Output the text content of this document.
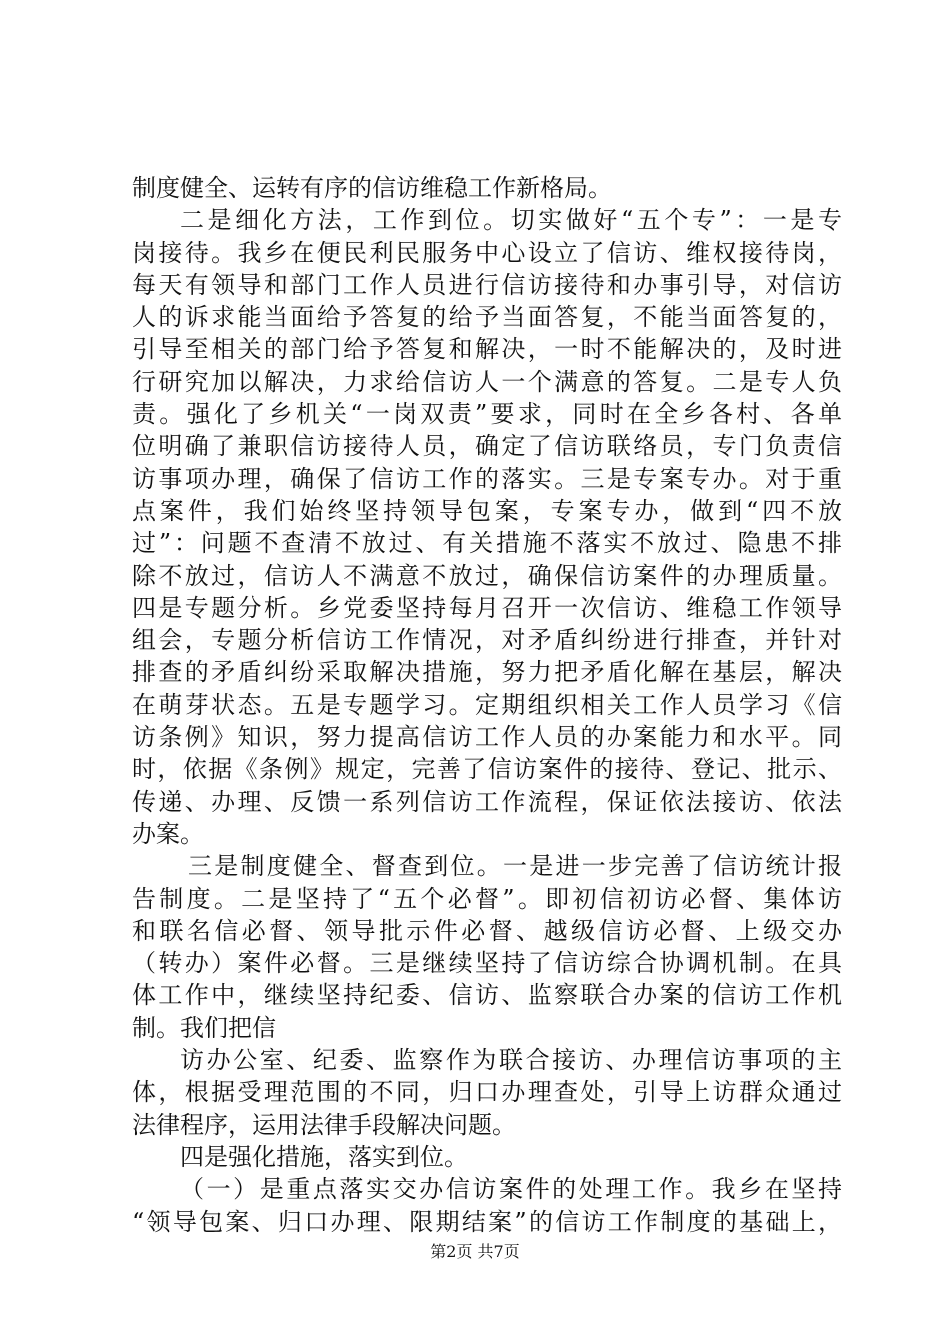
制度健全、运转有序的信访维稳工作新格局。
二是细化方法，工作到位。切实做好“五个专”：一是专
岗接待。我乡在便民利民服务中心设立了信访、维权接待岗，
每天有领导和部门工作人员进行信访接待和办事引导，对信访
人的诉求能当面给予答复的给予当面答复，不能当面答复的，
引导至相关的部门给予答复和解决，一时不能解决的，及时进
行研究加以解决，力求给信访人一个满意的答复。二是专人负
责。强化了乡机关“一岗双责”要求，同时在全乡各村、各单
位明确了兼职信访接待人员，确定了信访联络员，专门负责信
访事项办理，确保了信访工作的落实。三是专案专办。对于重
点案件，我们始终坚持领导包案，专案专办，做到“四不放
过”：问题不查清不放过、有关措施不落实不放过、隐患不排
除不放过，信访人不满意不放过，确保信访案件的办理质量。
四是专题分析。乡党委坚持每月召开一次信访、维稳工作领导
组会，专题分析信访工作情况，对矛盾纠纷进行排查，并针对
排查的矛盾纠纷采取解决措施，努力把矛盾化解在基层，解决
在萌芽状态。五是专题学习。定期组织相关工作人员学习《信
访条例》知识，努力提高信访工作人员的办案能力和水平。同
时，依据《条例》规定，完善了信访案件的接待、登记、批示、
传递、办理、反馈一系列信访工作流程，保证依法接访、依法
办案。
三是制度健全、督查到位。一是进一步完善了信访统计报
告制度。二是坚持了“五个必督”。即初信初访必督、集体访
和联名信必督、领导批示件必督、越级信访必督、上级交办
（转办）案件必督。三是继续坚持了信访综合协调机制。在具
体工作中，继续坚持纪委、信访、监察联合办案的信访工作机
制。我们把信
访办公室、纪委、监察作为联合接访、办理信访事项的主
体，根据受理范围的不同，归口办理查处，引导上访群众通过
法律程序，运用法律手段解决问题。
四是强化措施，落实到位。
（一）是重点落实交办信访案件的处理工作。我乡在坚持
“领导包案、归口办理、限期结案”的信访工作制度的基础上，
第2页 共7页
